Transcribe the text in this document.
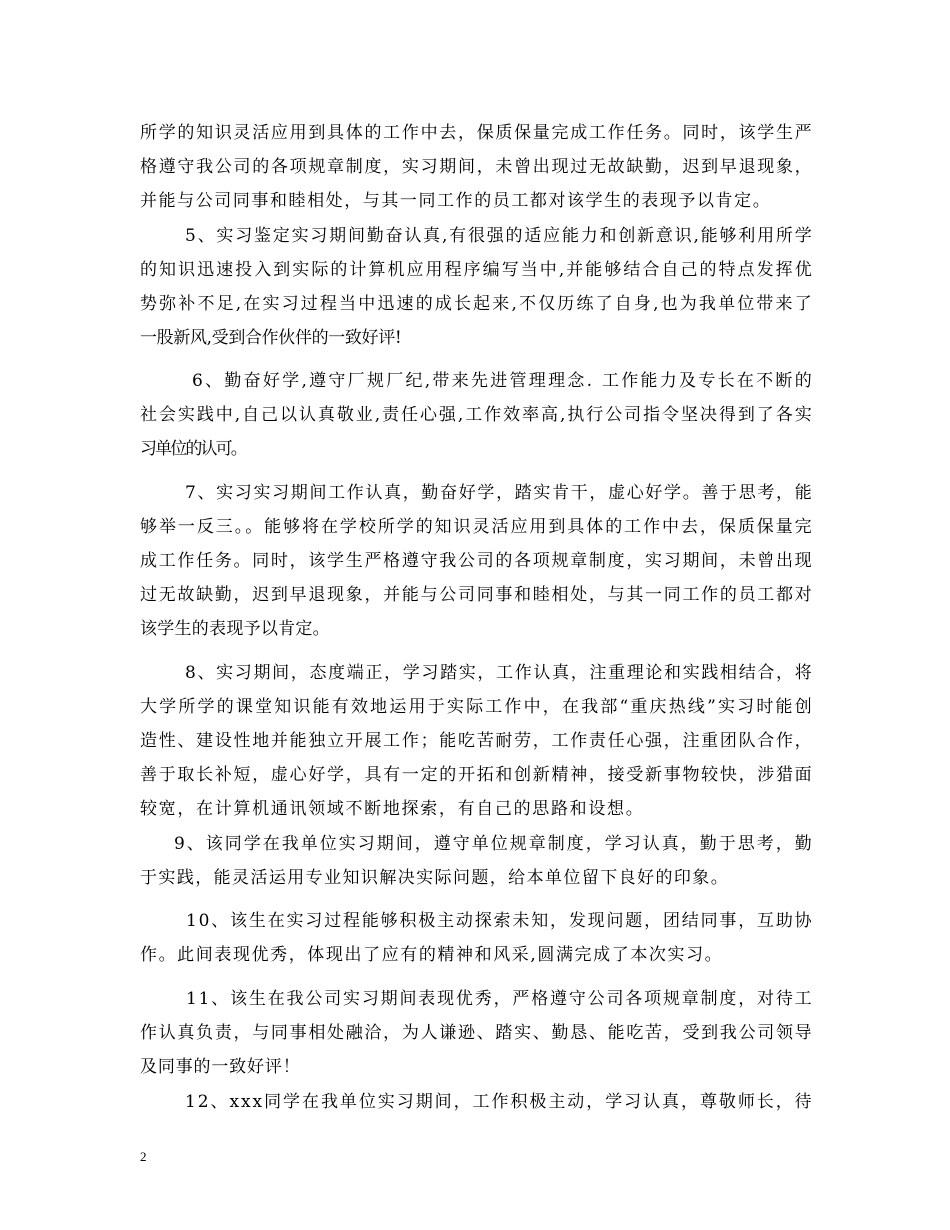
所学的知识灵活应用到具体的工作中去，保质保量完成工作任务。同时，该学生严
格遵守我公司的各项规章制度，实习期间，未曾出现过无故缺勤，迟到早退现象，
并能与公司同事和睦相处，与其一同工作的员工都对该学生的表现予以肯定。
5、实习鉴定实习期间勤奋认真,有很强的适应能力和创新意识,能够利用所学
的知识迅速投入到实际的计算机应用程序编写当中,并能够结合自己的特点发挥优
势弥补不足,在实习过程当中迅速的成长起来,不仅历练了自身,也为我单位带来了
一股新风,受到合作伙伴的一致好评!
6、勤奋好学,遵守厂规厂纪,带来先进管理理念. 工作能力及专长在不断的
社会实践中,自己以认真敬业,责任心强,工作效率高,执行公司指令坚决得到了各实
习单位的认可。
7、实习实习期间工作认真，勤奋好学，踏实肯干，虚心好学。善于思考，能
够举一反三。。能够将在学校所学的知识灵活应用到具体的工作中去，保质保量完
成工作任务。同时，该学生严格遵守我公司的各项规章制度，实习期间，未曾出现
过无故缺勤，迟到早退现象，并能与公司同事和睦相处，与其一同工作的员工都对
该学生的表现予以肯定。
8、实习期间，态度端正，学习踏实，工作认真，注重理论和实践相结合，将
大学所学的课堂知识能有效地运用于实际工作中，在我部“重庆热线”实习时能创
造性、建设性地并能独立开展工作；能吃苦耐劳，工作责任心强，注重团队合作，
善于取长补短，虚心好学，具有一定的开拓和创新精神，接受新事物较快，涉猎面
较宽，在计算机通讯领域不断地探索，有自己的思路和设想。
9、该同学在我单位实习期间，遵守单位规章制度，学习认真，勤于思考，勤
于实践，能灵活运用专业知识解决实际问题，给本单位留下良好的印象。
10、该生在实习过程能够积极主动探索未知，发现问题，团结同事，互助协
作。此间表现优秀，体现出了应有的精神和风采,圆满完成了本次实习。
11、该生在我公司实习期间表现优秀，严格遵守公司各项规章制度，对待工
作认真负责，与同事相处融洽，为人谦逊、踏实、勤恳、能吃苦，受到我公司领导
及同事的一致好评！
12、xxx同学在我单位实习期间，工作积极主动，学习认真，尊敬师长，待
2
